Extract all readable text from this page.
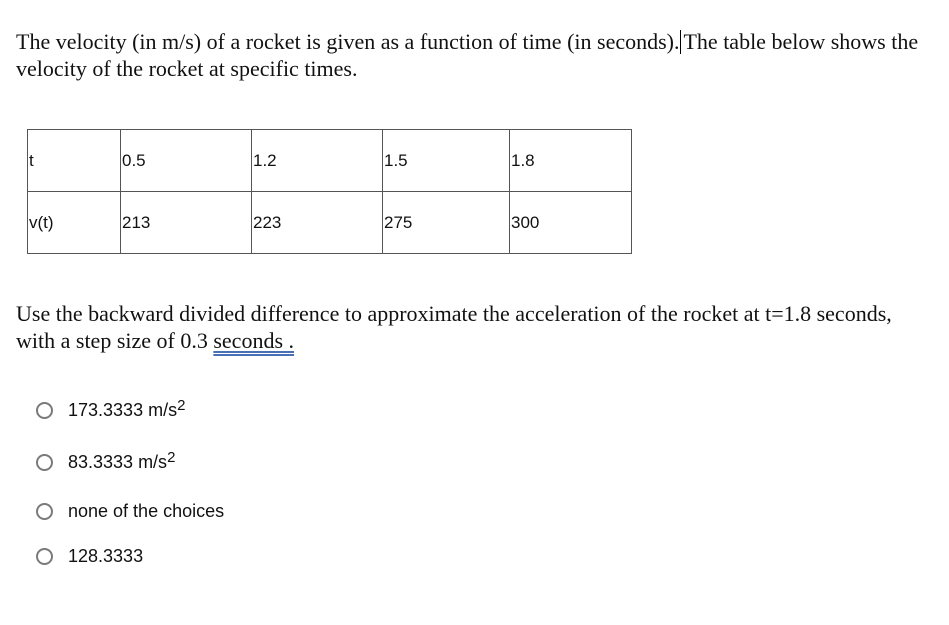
The velocity (in m/s) of a rocket is given as a function of time (in seconds). The table below shows the velocity of the rocket at specific times.

t	0.5	1.2	1.5	1.8
v(t)	213	223	275	300

Use the backward divided difference to approximate the acceleration of the rocket at t=1.8 seconds, with a step size of 0.3 seconds .

173.3333 $m/s^2$
83.3333 $m/s^2$
none of the choices
128.3333
